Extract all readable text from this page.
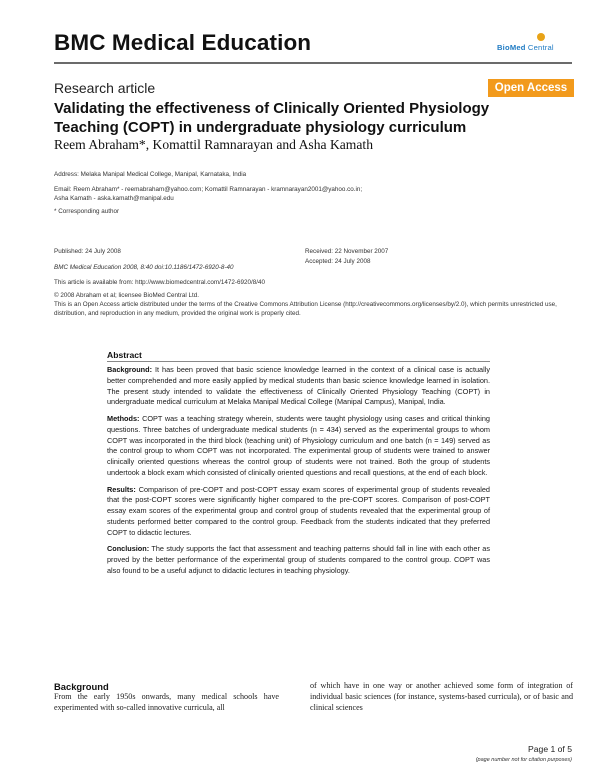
BMC Medical Education	BioMed Central
Research article	Open Access
Validating the effectiveness of Clinically Oriented Physiology Teaching (COPT) in undergraduate physiology curriculum
Reem Abraham*, Komattil Ramnarayan and Asha Kamath
Address: Melaka Manipal Medical College, Manipal, Karnataka, India
Email: Reem Abraham* - reemabraham@yahoo.com; Komattil Ramnarayan - kramnarayan2001@yahoo.co.in;
Asha Kamath - aska.kamath@manipal.edu
* Corresponding author
Published: 24 July 2008
BMC Medical Education 2008, 8:40 doi:10.1186/1472-6920-8-40
Received: 22 November 2007
Accepted: 24 July 2008
This article is available from: http://www.biomedcentral.com/1472-6920/8/40
© 2008 Abraham et al; licensee BioMed Central Ltd.
This is an Open Access article distributed under the terms of the Creative Commons Attribution License (http://creativecommons.org/licenses/by/2.0), which permits unrestricted use, distribution, and reproduction in any medium, provided the original work is properly cited.
Abstract

Background: It has been proved that basic science knowledge learned in the context of a clinical case is actually better comprehended and more easily applied by medical students than basic science knowledge learned in isolation. The present study intended to validate the effectiveness of Clinically Oriented Physiology Teaching (COPT) in undergraduate medical curriculum at Melaka Manipal Medical College (Manipal Campus), Manipal, India.

Methods: COPT was a teaching strategy wherein, students were taught physiology using cases and critical thinking questions. Three batches of undergraduate medical students (n = 434) served as the experimental groups to whom COPT was incorporated in the third block (teaching unit) of Physiology curriculum and one batch (n = 149) served as the control group to whom COPT was not incorporated. The experimental group of students were trained to answer clinically oriented questions whereas the control group of students were not trained. Both the group of students undertook a block exam which consisted of clinically oriented questions and recall questions, at the end of each block.

Results: Comparison of pre-COPT and post-COPT essay exam scores of experimental group of students revealed that the post-COPT scores were significantly higher compared to the pre-COPT scores. Comparison of post-COPT essay exam scores of the experimental group and control group of students revealed that the experimental group of students performed better compared to the control group. Feedback from the students indicated that they preferred COPT to didactic lectures.

Conclusion: The study supports the fact that assessment and teaching patterns should fall in line with each other as proved by the better performance of the experimental group of students compared to the control group. COPT was also found to be a useful adjunct to didactic lectures in teaching physiology.

Background
From the early 1950s onwards, many medical schools have experimented with so-called innovative curricula, all
of which have in one way or another achieved some form of integration of individual basic sciences (for instance, systems-based curricula), or of basic and clinical sciences
Page 1 of 5
(page number not for citation purposes)
